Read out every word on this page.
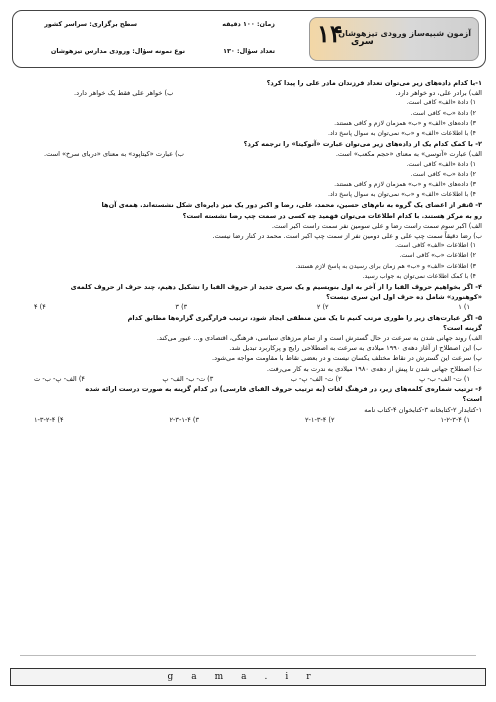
آزمون شبیه‌ساز ورودی تیزهوشان
۱۴ سری
زمان: ۱۰۰ دقیقه
سطح برگزاری: سراسر کشور
تعداد سؤال: ۱۳۰
نوع نمونه سؤال: ورودی مدارس تیزهوشان
۱-با کدام داده‌های زیر می‌توان تعداد فرزندان مادر علی را پیدا کرد؟
الف) برادر علی، دو خواهر دارد.
ب) خواهر علی فقط یک خواهر دارد.
۱) دادهٔ «الف» کافی است.
۲) دادهٔ «ب» کافی است.
۳) داده‌های «الف» و «ب» همزمان لازم و کافی هستند.
۴) با اطلاعات «الف» و «ب» نمی‌توان به سوال پاسخ داد.
۲- با کمک کدام یک از داده‌های زیر می‌توان عبارت «آتوکیتا» را ترجمه کرد؟
الف) عبارت «آتوسی» به معنای «حجم مکعب» است.
ب) عبارت «کیتاپود» به معنای «دربای سرخ» است.
۱) دادهٔ «الف» کافی است.
۲) دادهٔ «ب» کافی است.
۳) داده‌های «الف» و «ب» همزمان لازم و کافی هستند.
۴) با اطلاعات «الف» و «ب» نمی‌توان به سوال پاسخ داد.
۳- ۵نفر از اعضای یک گروه به نام‌های حسین، محمد، علی، رضا و اکبر دور یک میز دایره‌ای شکل نشسته‌اند. همه‌ی آن‌ها
رو به مرکز هستند. با کدام اطلاعات می‌توان فهمید چه کسی در سمت چپ رضا نشسته است؟
الف) اکبر سوم سمت راست رضا و علی سومین نفر سمت راست اکبر است.
ب) رضا دقیقاً سمت چپ علی و علی دومین نفر از سمت چپ اکبر است. محمد در کنار رضا نیست.
۱) اطلاعات «الف» کافی است.
۲) اطلاعات «ب» کافی است.
۳) اطلاعات «الف» و «ب» هم زمان برای رسیدن به پاسخ لازم هستند.
۴) با کمک اطلاعات نمی‌توان به جواب رسید.
۴- اگر بخواهیم حروف الفبا را از آخر به اول بنویسیم و یک سری جدید از حروف الفبا را تشکیل دهیم، چند حرف از حروف کلمه‌ی
«کوهنورد» شامل ده حرف اول این سری نیست؟
۱) ۱
۲) ۲
۳) ۳
۴) ۴
۵- اگر عبارت‌های زیر را طوری مرتب کنیم تا یک متن منطقی ایجاد شود، ترتیب قرارگیری گزاره‌ها مطابق کدام
گزینه است؟
الف) روند جهانی شدن به سرعت در حال گسترش است و از تمام مرزهای سیاسی، فرهنگی، اقتصادی و... عبور می‌کند.
ب) این اصطلاح از آغاز دهه‌ی ۱۹۹۰ میلادی به سرعت به اصطلاحی رایج و پرکاربرد تبدیل شد.
پ) سرعت این گسترش در نقاط مختلف یکسان نیست و در بعضی نقاط با مقاومت مواجه می‌شود.
ت) اصطلاح جهانی شدن تا پیش از دهه‌ی ۱۹۸۰ میلادی به ندرت به کار می‌رفت.
۱) ت- الف- ب- پ
۲) ت- الف- پ- ب
۳) ت- ب- الف- پ
۴) الف- پ- ب- ت
۶- ترتیب شماره‌ی کلمه‌های زیر، در فرهنگ لغات (به ترتیب حروف الفبای فارسی) در کدام گزینه به صورت درست ارائه شده
است؟
۱-کتابدار ۲-کتابخانه ۳-کتابخوان ۴-کتاب نامه
۱) ۱-۲-۳-۴
۲) ۲-۱-۳-۴
۳) ۲-۳-۱-۴
۴) ۱-۳-۲-۴
gama.ir
